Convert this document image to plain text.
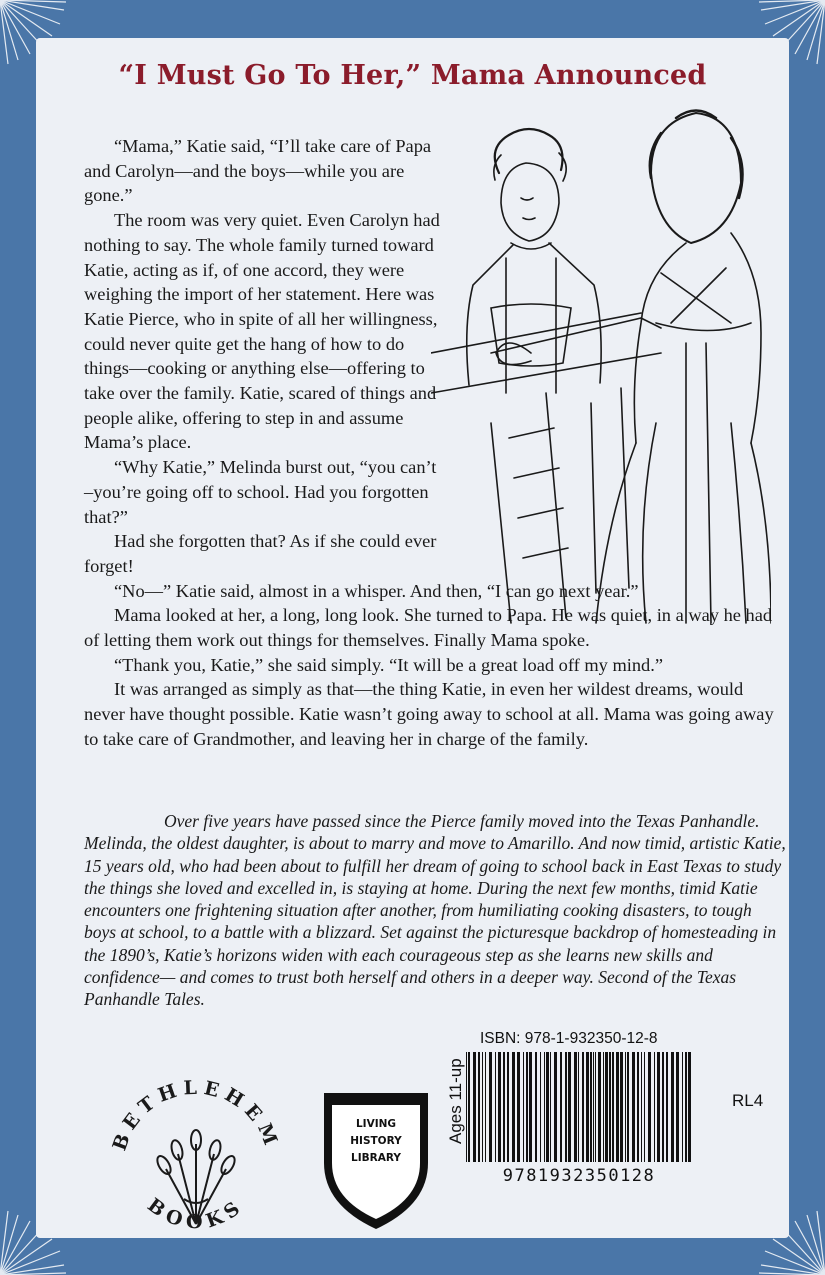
“I Must Go To Her,” Mama Announced

“Mama,” Katie said, “I’ll take care of Papa and Carolyn—and the boys—while you are gone.”

The room was very quiet. Even Carolyn had nothing to say. The whole family turned toward Katie, acting as if, of one accord, they were weighing the import of her statement. Here was Katie Pierce, who in spite of all her willingness, could never quite get the hang of how to do things—cooking or anything else—offering to take over the family. Katie, scared of things and people alike, offering to step in and assume Mama’s place.

“Why Katie,” Melinda burst out, “you can’t –you’re going off to school. Had you forgotten that?”

Had she forgotten that? As if she could ever forget!

“No—” Katie said, almost in a whisper. And then, “I can go next year.”

Mama looked at her, a long, long look. She turned to Papa. He was quiet, in a way he had of letting them work out things for themselves. Finally Mama spoke.

“Thank you, Katie,” she said simply. “It will be a great load off my mind.”

It was arranged as simply as that—the thing Katie, in even her wildest dreams, would never have thought possible. Katie wasn’t going away to school at all. Mama was going away to take care of Grandmother, and leaving her in charge of the family.

Over five years have passed since the Pierce family moved into the Texas Panhandle. Melinda, the oldest daughter, is about to marry and move to Amarillo. And now timid, artistic Katie, 15 years old, who had been about to fulfill her dream of going to school back in East Texas to study the things she loved and excelled in, is staying at home. During the next few months, timid Katie encounters one frightening situation after another, from humiliating cooking disasters, to tough boys at school, to a battle with a blizzard. Set against the picturesque backdrop of homesteading in the 1890’s, Katie’s horizons widen with each courageous step as she learns new skills and confidence— and comes to trust both herself and others in a deeper way. Second of the Texas Panhandle Tales.

BETHLEHEM
BOOKS
LIVING
HISTORY
LIBRARY
RL4
ISBN: 978-1-932350-12-8
Ages 11-up
9781932350128
